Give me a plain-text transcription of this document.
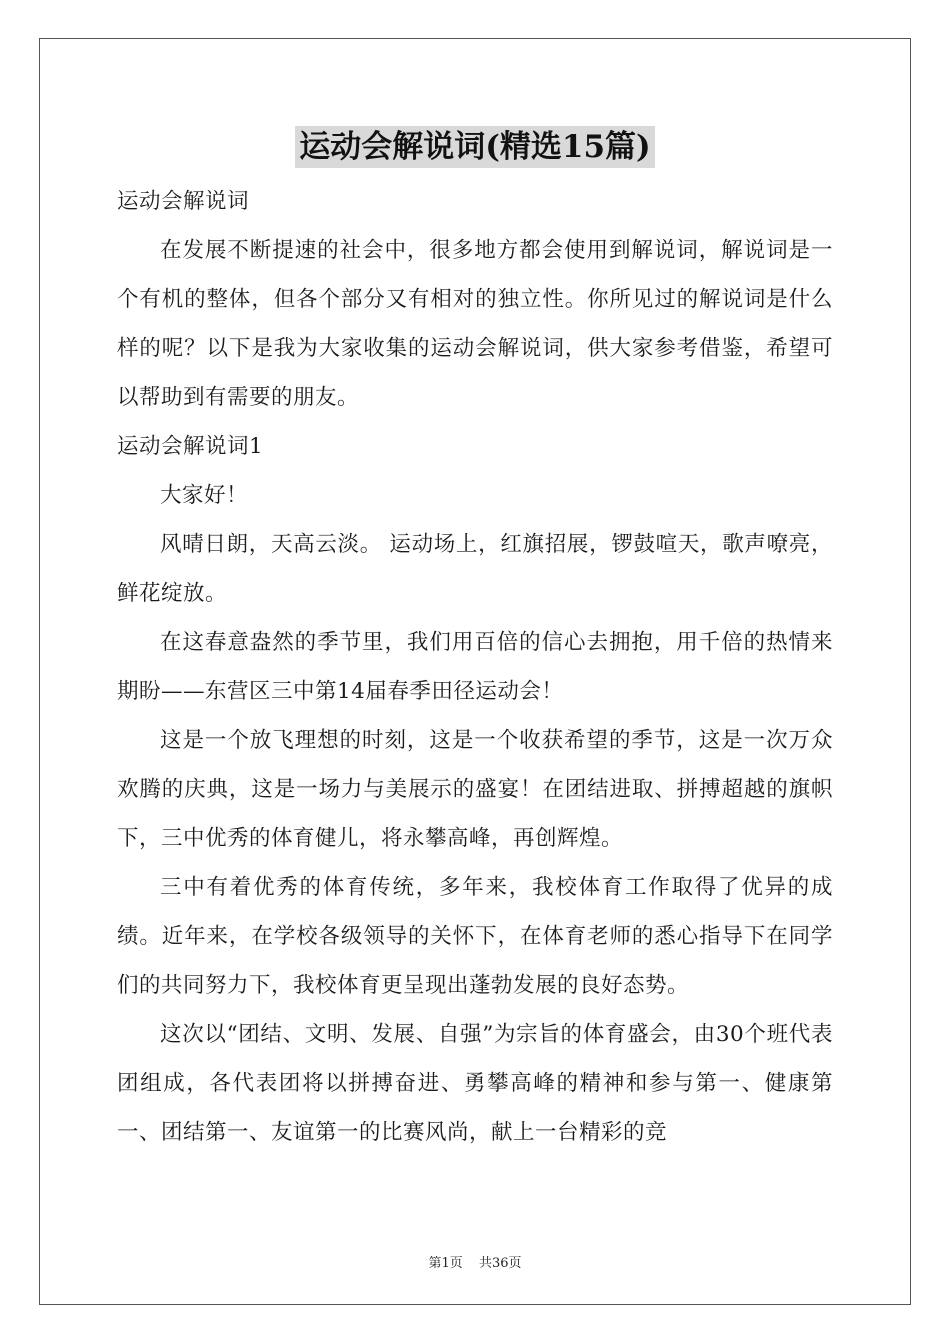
运动会解说词(精选15篇)

运动会解说词

在发展不断提速的社会中，很多地方都会使用到解说词，解说词是一个有机的整体，但各个部分又有相对的独立性。你所见过的解说词是什么样的呢？以下是我为大家收集的运动会解说词，供大家参考借鉴，希望可以帮助到有需要的朋友。

运动会解说词1

大家好！

风晴日朗，天高云淡。 运动场上，红旗招展，锣鼓喧天，歌声嘹亮，鲜花绽放。

在这春意盎然的季节里，我们用百倍的信心去拥抱，用千倍的热情来期盼——东营区三中第14届春季田径运动会！

这是一个放飞理想的时刻，这是一个收获希望的季节，这是一次万众欢腾的庆典，这是一场力与美展示的盛宴！在团结进取、拼搏超越的旗帜下，三中优秀的体育健儿，将永攀高峰，再创辉煌。

三中有着优秀的体育传统，多年来，我校体育工作取得了优异的成绩。近年来，在学校各级领导的关怀下，在体育老师的悉心指导下在同学们的共同努力下，我校体育更呈现出蓬勃发展的良好态势。

这次以“团结、文明、发展、自强”为宗旨的体育盛会，由30个班代表团组成，各代表团将以拼搏奋进、勇攀高峰的精神和参与第一、健康第一、团结第一、友谊第一的比赛风尚，献上一台精彩的竞

第1页 共36页
